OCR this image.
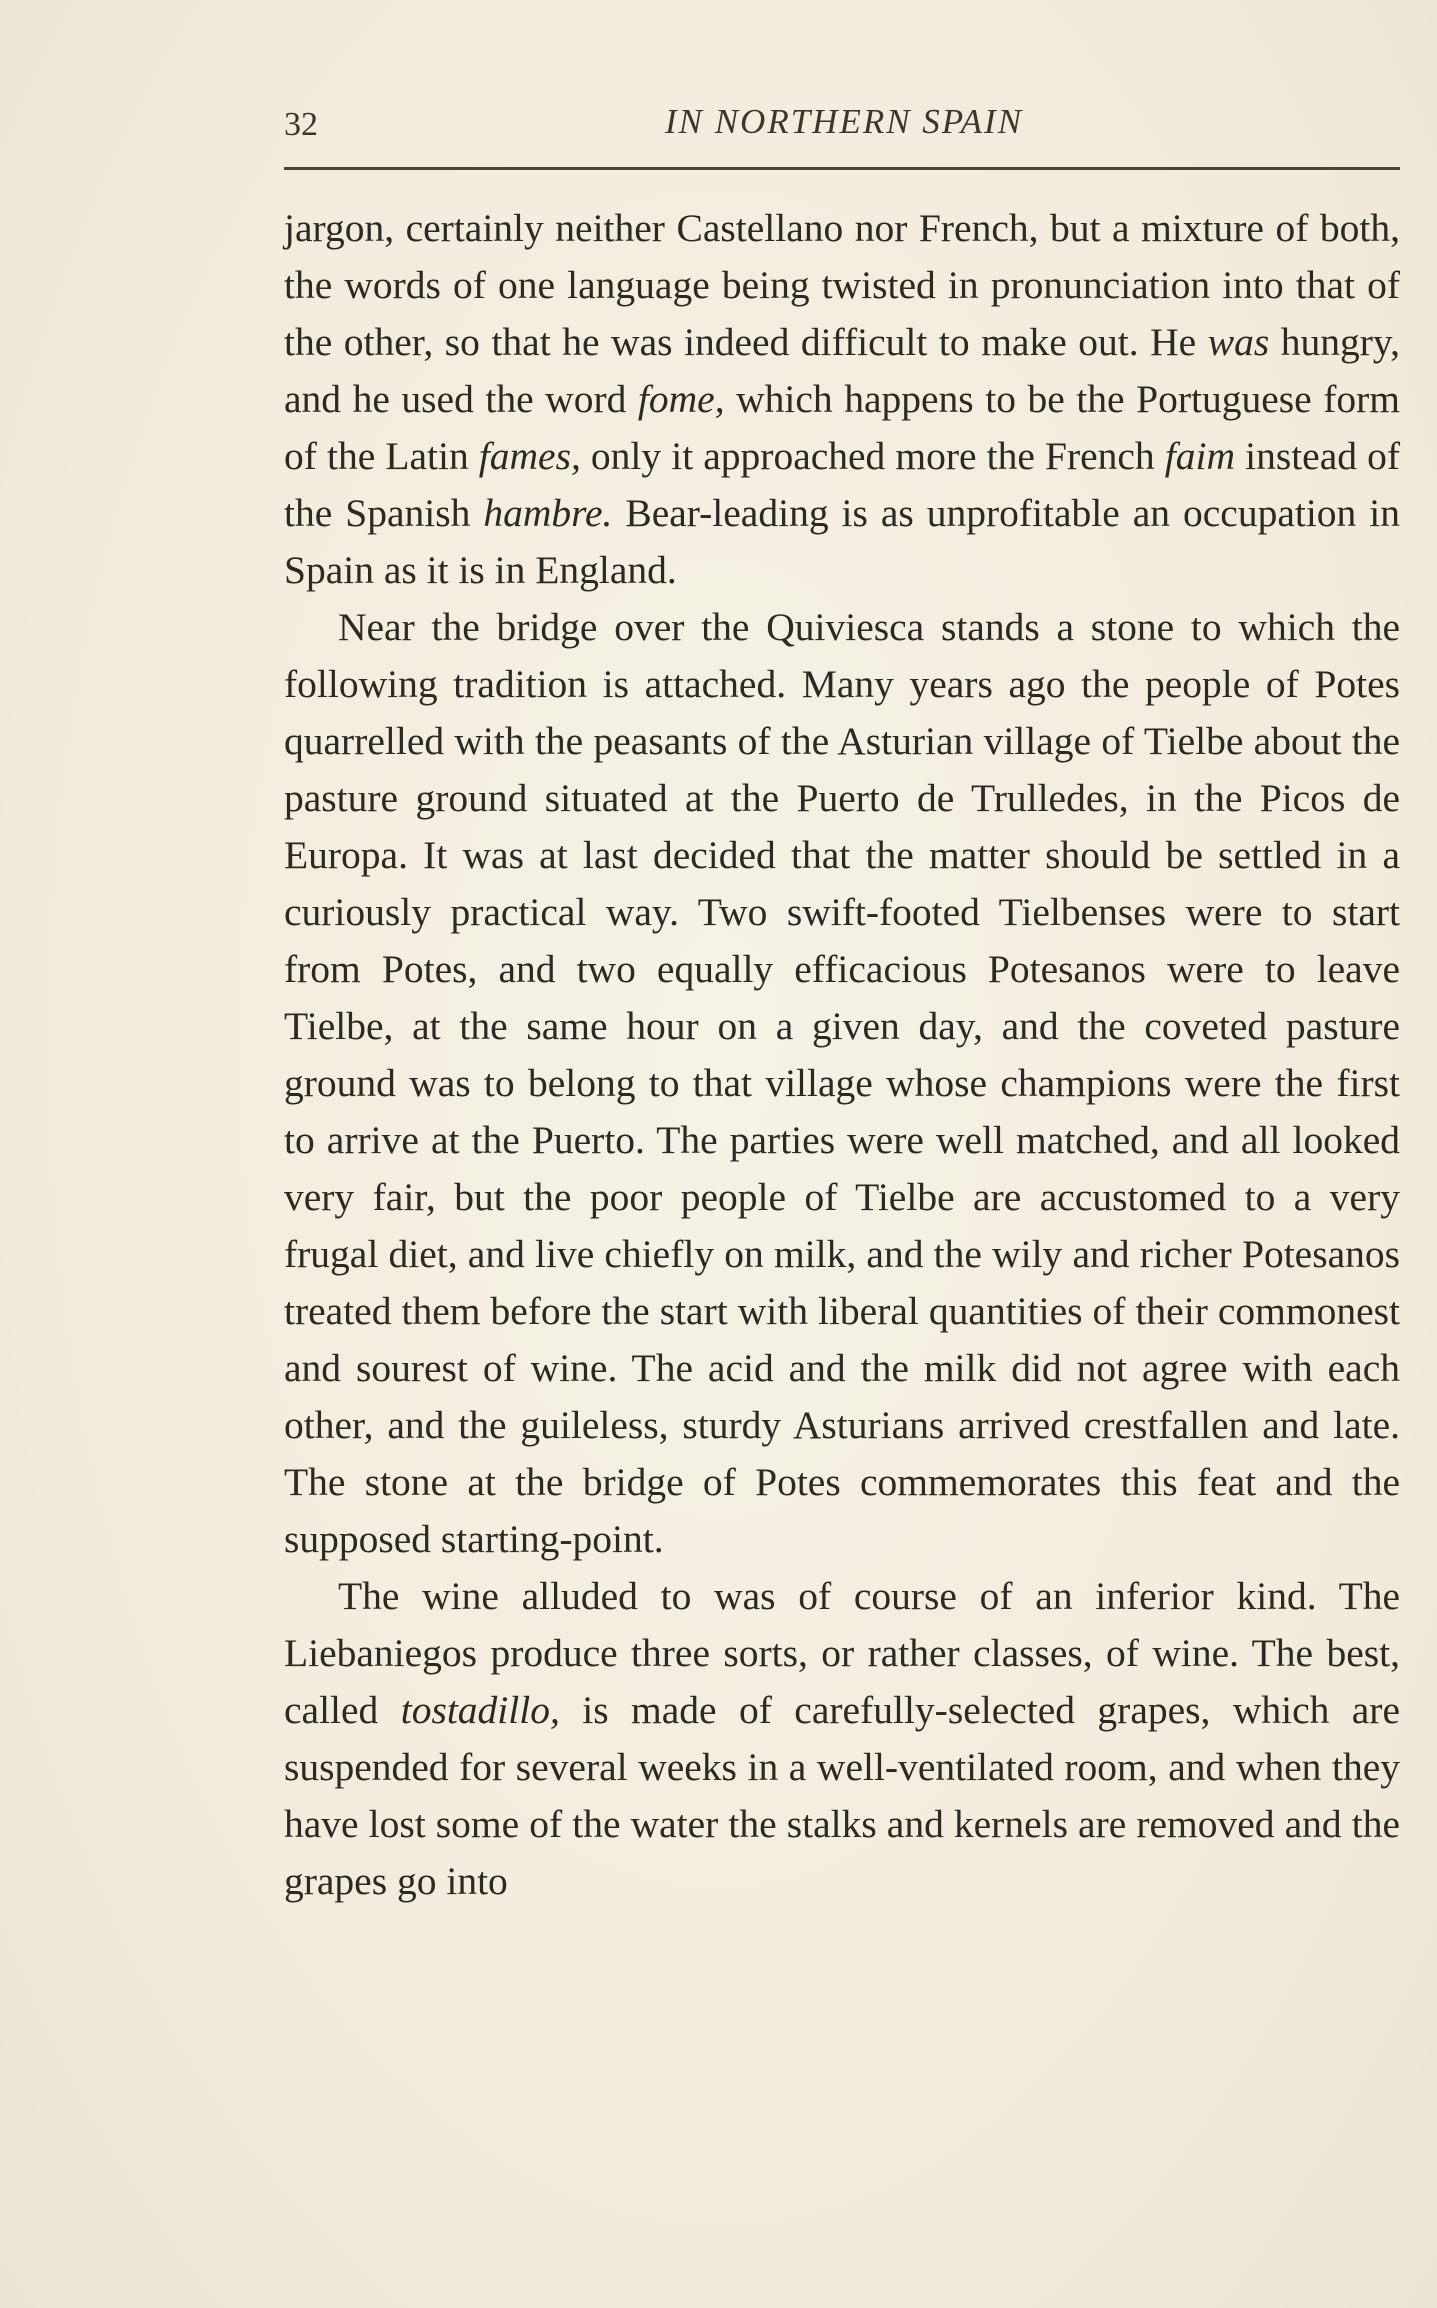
32	IN NORTHERN SPAIN

jargon, certainly neither Castellano nor French, but a mixture of both, the words of one language being twisted in pronunciation into that of the other, so that he was indeed difficult to make out. He was hungry, and he used the word fome, which happens to be the Portuguese form of the Latin fames, only it approached more the French faim instead of the Spanish hambre. Bear-leading is as unprofitable an occupation in Spain as it is in England.

Near the bridge over the Quiviesca stands a stone to which the following tradition is attached. Many years ago the people of Potes quarrelled with the peasants of the Asturian village of Tielbe about the pasture ground situated at the Puerto de Trulledes, in the Picos de Europa. It was at last decided that the matter should be settled in a curiously practical way. Two swift-footed Tielbenses were to start from Potes, and two equally efficacious Potesanos were to leave Tielbe, at the same hour on a given day, and the coveted pasture ground was to belong to that village whose champions were the first to arrive at the Puerto. The parties were well matched, and all looked very fair, but the poor people of Tielbe are accustomed to a very frugal diet, and live chiefly on milk, and the wily and richer Potesanos treated them before the start with liberal quantities of their commonest and sourest of wine. The acid and the milk did not agree with each other, and the guileless, sturdy Asturians arrived crestfallen and late. The stone at the bridge of Potes commemorates this feat and the supposed starting-point.

The wine alluded to was of course of an inferior kind. The Liebaniegos produce three sorts, or rather classes, of wine. The best, called tostadillo, is made of carefully-selected grapes, which are suspended for several weeks in a well-ventilated room, and when they have lost some of the water the stalks and kernels are removed and the grapes go into
